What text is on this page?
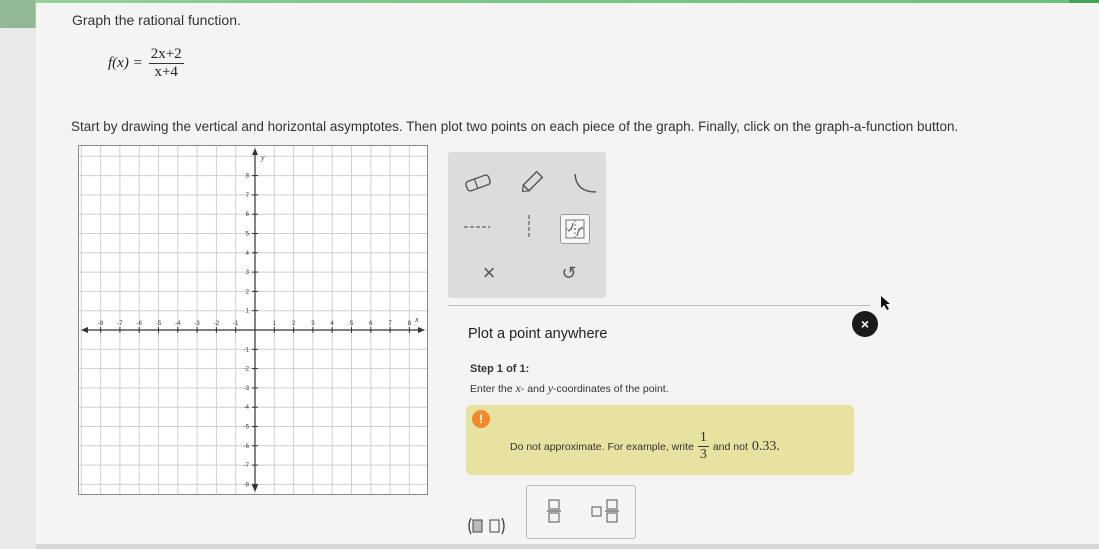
Graph the rational function.
$f(x) = \frac{2x+2}{x+4}$
Start by drawing the vertical and horizontal asymptotes. Then plot two points on each piece of the graph. Finally, click on the graph-a-function button.
x
y
-8 -7 -6 -5 -4 -3 -2 -1	1	2	3	4	5	6	7	8
8
7
6
5
4
3
2
1
-1
-2
-3
-4
-5
-6
-7
-8
×	↺
×
Plot a point anywhere
Step 1 of 1:
Enter the x- and y-coordinates of the point.
!
Do not approximate. For example, write $\frac{1}{3}$ and not 0.33.
